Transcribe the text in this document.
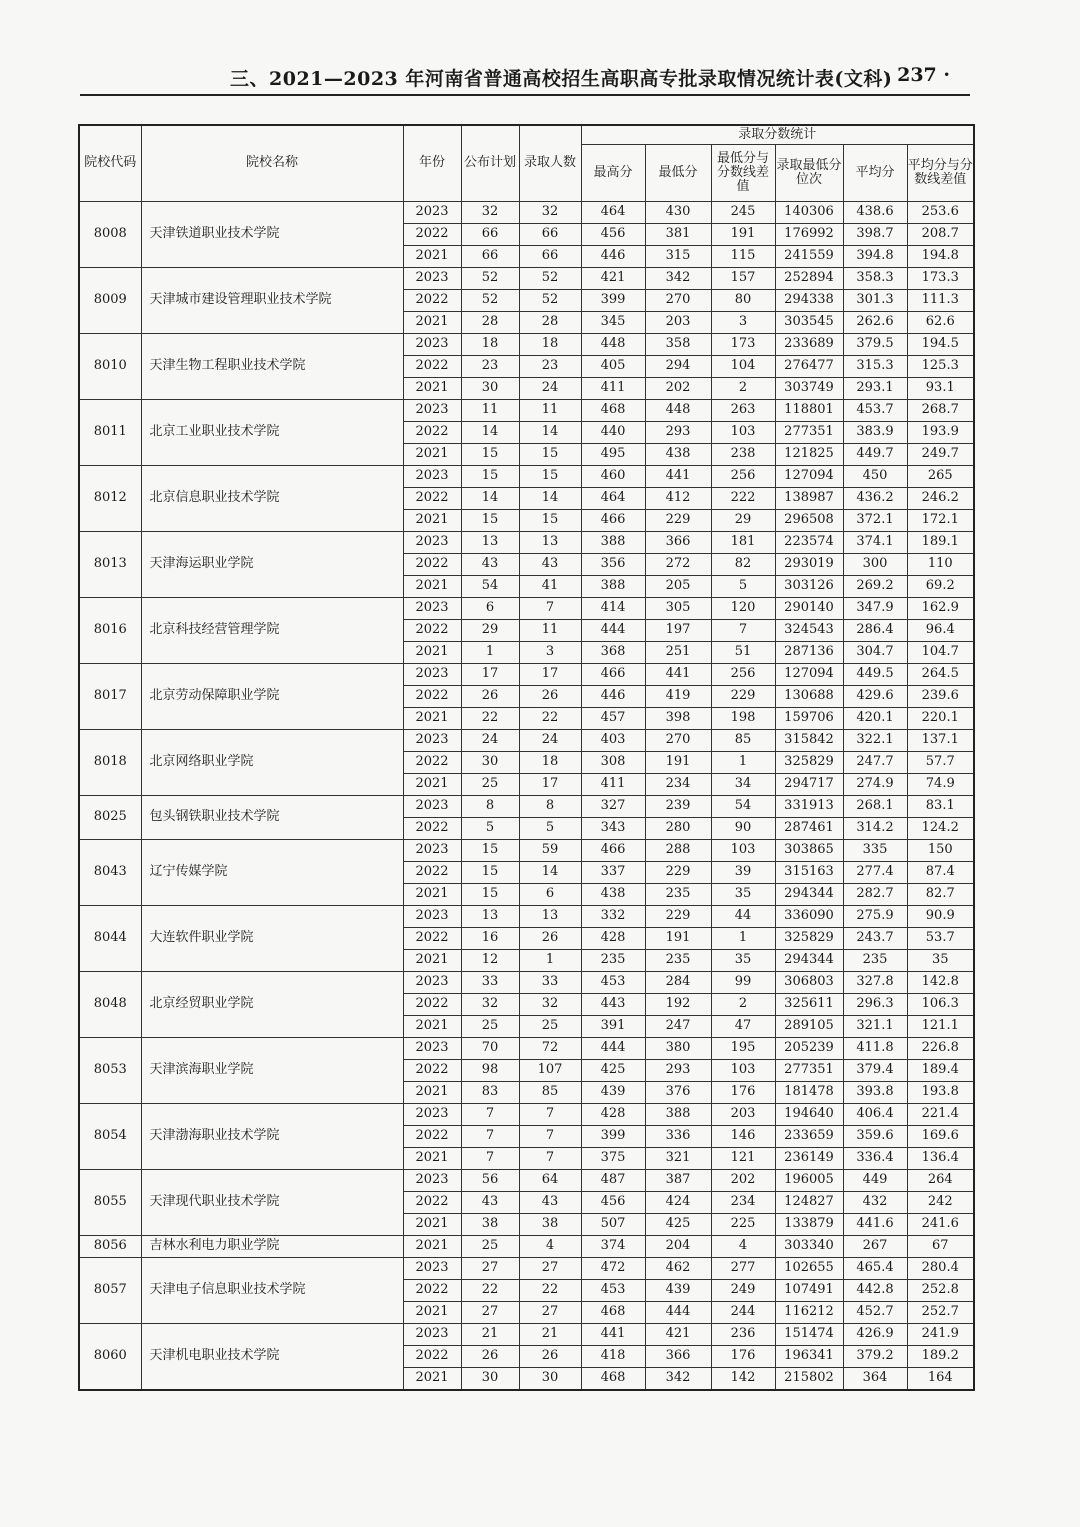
三、2021—2023 年河南省普通高校招生高职高专批录取情况统计表(文科)
· 237 ·
院校代码	院校名称	年份	公布计划	录取人数	录取分数统计					
					最高分	最低分	最低分与分数线差值	录取最低分位次	平均分	平均分与分数线差值
8008	天津铁道职业技术学院	2023	32	32	464	430	245	140306	438.6	253.6
		2022	66	66	456	381	191	176992	398.7	208.7
		2021	66	66	446	315	115	241559	394.8	194.8
8009	天津城市建设管理职业技术学院	2023	52	52	421	342	157	252894	358.3	173.3
		2022	52	52	399	270	80	294338	301.3	111.3
		2021	28	28	345	203	3	303545	262.6	62.6
8010	天津生物工程职业技术学院	2023	18	18	448	358	173	233689	379.5	194.5
		2022	23	23	405	294	104	276477	315.3	125.3
		2021	30	24	411	202	2	303749	293.1	93.1
8011	北京工业职业技术学院	2023	11	11	468	448	263	118801	453.7	268.7
		2022	14	14	440	293	103	277351	383.9	193.9
		2021	15	15	495	438	238	121825	449.7	249.7
8012	北京信息职业技术学院	2023	15	15	460	441	256	127094	450	265
		2022	14	14	464	412	222	138987	436.2	246.2
		2021	15	15	466	229	29	296508	372.1	172.1
8013	天津海运职业学院	2023	13	13	388	366	181	223574	374.1	189.1
		2022	43	43	356	272	82	293019	300	110
		2021	54	41	388	205	5	303126	269.2	69.2
8016	北京科技经营管理学院	2023	6	7	414	305	120	290140	347.9	162.9
		2022	29	11	444	197	7	324543	286.4	96.4
		2021	1	3	368	251	51	287136	304.7	104.7
8017	北京劳动保障职业学院	2023	17	17	466	441	256	127094	449.5	264.5
		2022	26	26	446	419	229	130688	429.6	239.6
		2021	22	22	457	398	198	159706	420.1	220.1
8018	北京网络职业学院	2023	24	24	403	270	85	315842	322.1	137.1
		2022	30	18	308	191	1	325829	247.7	57.7
		2021	25	17	411	234	34	294717	274.9	74.9
8025	包头钢铁职业技术学院	2023	8	8	327	239	54	331913	268.1	83.1
		2022	5	5	343	280	90	287461	314.2	124.2
8043	辽宁传媒学院	2023	15	59	466	288	103	303865	335	150
		2022	15	14	337	229	39	315163	277.4	87.4
		2021	15	6	438	235	35	294344	282.7	82.7
8044	大连软件职业学院	2023	13	13	332	229	44	336090	275.9	90.9
		2022	16	26	428	191	1	325829	243.7	53.7
		2021	12	1	235	235	35	294344	235	35
8048	北京经贸职业学院	2023	33	33	453	284	99	306803	327.8	142.8
		2022	32	32	443	192	2	325611	296.3	106.3
		2021	25	25	391	247	47	289105	321.1	121.1
8053	天津滨海职业学院	2023	70	72	444	380	195	205239	411.8	226.8
		2022	98	107	425	293	103	277351	379.4	189.4
		2021	83	85	439	376	176	181478	393.8	193.8
8054	天津渤海职业技术学院	2023	7	7	428	388	203	194640	406.4	221.4
		2022	7	7	399	336	146	233659	359.6	169.6
		2021	7	7	375	321	121	236149	336.4	136.4
8055	天津现代职业技术学院	2023	56	64	487	387	202	196005	449	264
		2022	43	43	456	424	234	124827	432	242
		2021	38	38	507	425	225	133879	441.6	241.6
8056	吉林水利电力职业学院	2021	25	4	374	204	4	303340	267	67
8057	天津电子信息职业技术学院	2023	27	27	472	462	277	102655	465.4	280.4
		2022	22	22	453	439	249	107491	442.8	252.8
		2021	27	27	468	444	244	116212	452.7	252.7
8060	天津机电职业技术学院	2023	21	21	441	421	236	151474	426.9	241.9
		2022	26	26	418	366	176	196341	379.2	189.2
		2021	30	30	468	342	142	215802	364	164
